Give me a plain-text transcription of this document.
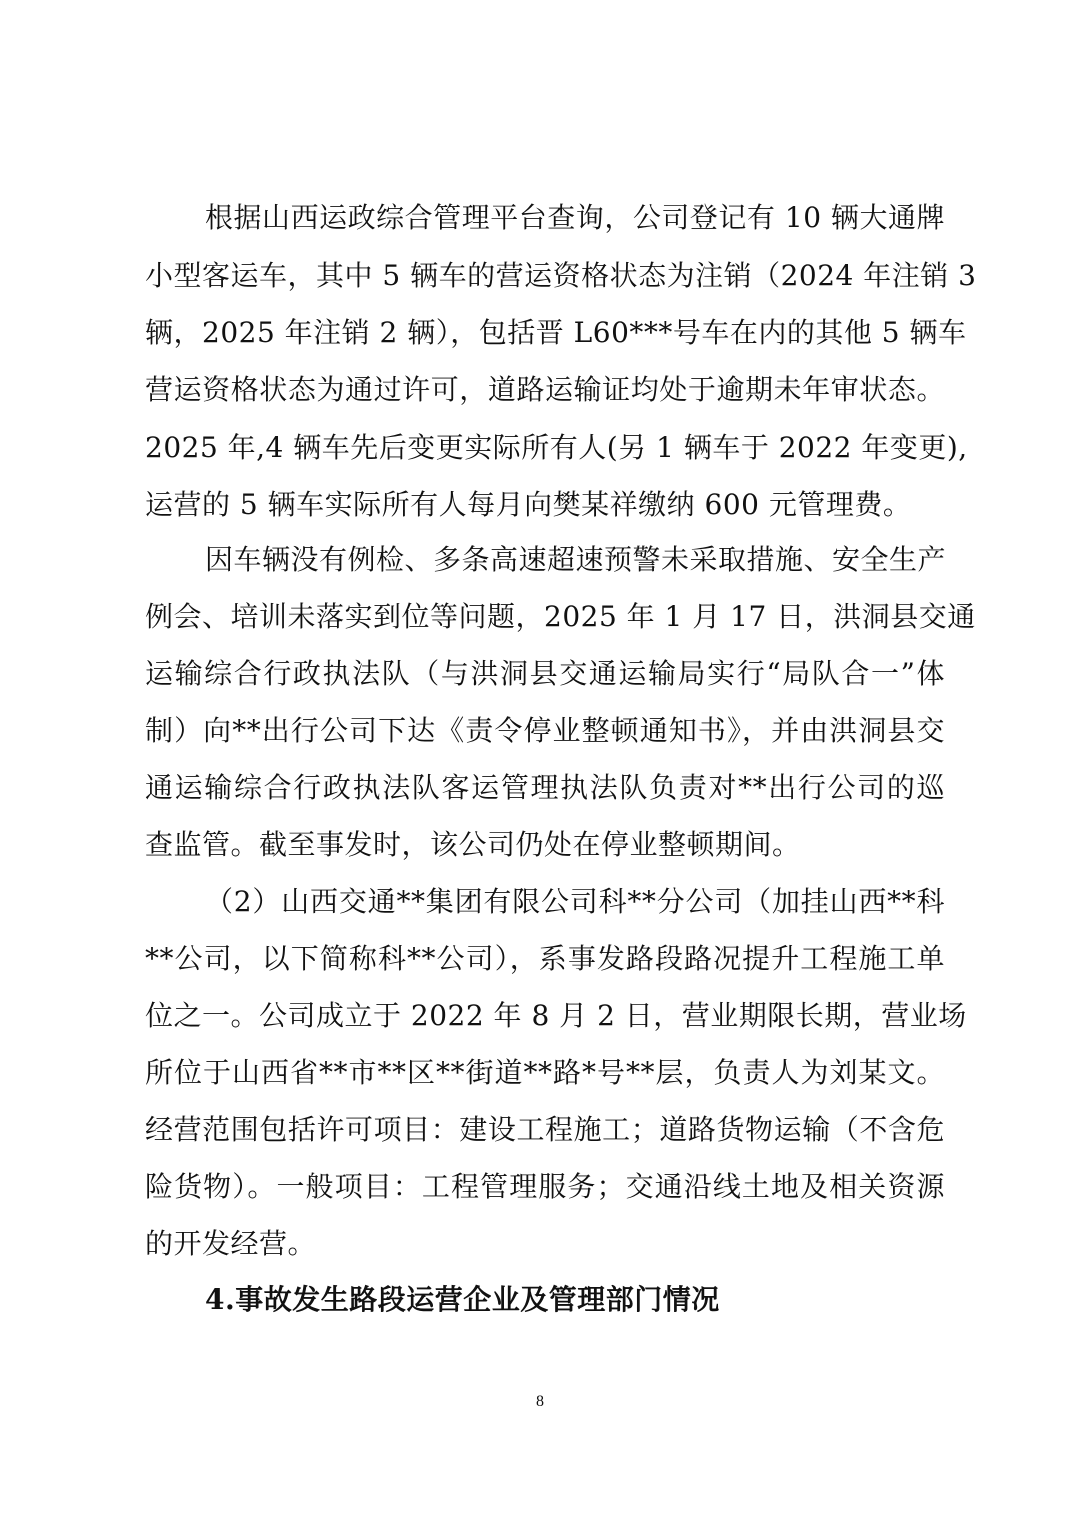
根据山西运政综合管理平台查询，公司登记有 10 辆大通牌
小型客运车，其中 5 辆车的营运资格状态为注销（2024 年注销 3
辆，2025 年注销 2 辆），包括晋 L60***号车在内的其他 5 辆车
营运资格状态为通过许可，道路运输证均处于逾期未年审状态。
2025 年,4 辆车先后变更实际所有人(另 1 辆车于 2022 年变更),
运营的 5 辆车实际所有人每月向樊某祥缴纳 600 元管理费。
因车辆没有例检、多条高速超速预警未采取措施、安全生产
例会、培训未落实到位等问题，2025 年 1 月 17 日，洪洞县交通
运输综合行政执法队（与洪洞县交通运输局实行“局队合一”体
制）向**出行公司下达《责令停业整顿通知书》，并由洪洞县交
通运输综合行政执法队客运管理执法队负责对**出行公司的巡
查监管。截至事发时，该公司仍处在停业整顿期间。
（2）山西交通**集团有限公司科**分公司（加挂山西**科
**公司，以下简称科**公司），系事发路段路况提升工程施工单
位之一。公司成立于 2022 年 8 月 2 日，营业期限长期，营业场
所位于山西省**市**区**街道**路*号**层，负责人为刘某文。
经营范围包括许可项目：建设工程施工；道路货物运输（不含危
险货物）。一般项目：工程管理服务；交通沿线土地及相关资源
的开发经营。
4.事故发生路段运营企业及管理部门情况
8
